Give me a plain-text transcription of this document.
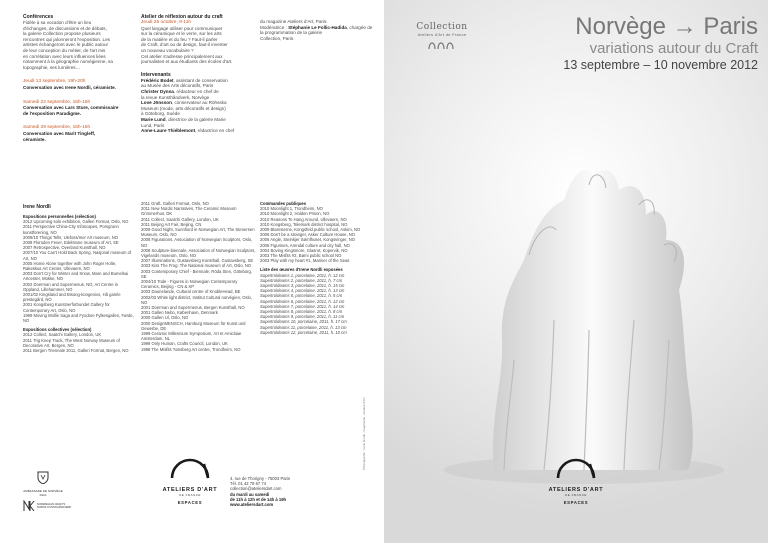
Conférences
Fidèle à sa vocation d'être un lieu
d'échanges, de discussions et de débats,
la galerie Collection propose plusieurs
rencontres qui jalonneront l'exposition. Les
artistes échangeront avec le public autour
de leur conception du métier, de l'art mis
en corrélation avec leurs influences liées
notamment à la géographie norvégienne, sa
topographie, ses lumières…
Jeudi 13 septembre, 19h-20h
Conversation avec Irene Nordli, céramiste.
Samedi 22 septembre, 15h-16h
Conversation avec Lars Sture, commissaire
de l'exposition Paradigme.
Samedi 29 septembre, 15h-16h
Conversation avec Marit Tingleff,
céramiste.
Atelier de réflexion autour du craft
Jeudi 25 octobre, 9-11h
Quel langage utiliser pour communiquer
sur la céramique et le verre, sur les arts
de la matière et du feu ? Faut-il parler
de Craft, d'art ou de design, faut-il inventer
un nouveau vocabulaire ?
Cet atelier s'adresse principalement aux
journalistes et aux étudiants des écoles d'art.
Intervenants
Frédéric Bodet, assistant de conservation
au Musée des Arts décoratifs, Paris
Christer Dynna, rédacteur en chef de
la revue Kunsthåndverk, Norvège
Love Jönsson, conservateur au Röhsska
Museum (mode, arts décoratifs et design)
à Göteborg, Suède
Marie Lund, directrice de la galerie Marie
Lund, Paris
Anne-Laure Thiéblemont, rédactrice en chef
du magazine Ateliers d'Art, Paris.
Modératrice : Stéphanie Le Follic-Hadida, chargée de la programmation de la galerie
Collection, Paris.
Irene Nordli
Expositions personnelles (sélection)
2012 Upcoming solo exhibition, Galleri Format, Oslo, NO
2011 Perspective China-City Infoscapes, Porsgrunn kunstforening, NO
2009/10 Things Tells, Ulefoss/mer Art museum, NO
2008 Floroden Fever, Edelstone museum of Art, SE
2007 Retrospective, Overland Kunsthall, NO
2007/10 You Can't Hold Back Spring, Nasjonal museum of Art, NO
2005 Home Alone together with John Roger Holte, Rakeskus Art Center, Ullevaern, NO
2003 Don't Cry for Winter and Snow, Mare and Bumelsai Artcenter, Mokke, NO
2002 Doerman and Supermenus, NO, Art Centre in Oppland, Lillehammer, NO
2001/02 Kingsland and Bisong-kongenivo, Hå gamle prestegård, NO
2001 Kongsberg Kunstnerforbundet Gallery for Contemporary Art, Oslo, NO
1999 Moving Mollie Saga and Fyodore Fylkesgallen, Førde, NO
Expositions collectives (sélection)
2012 Collect, Saatchi Gallery, London, UK
2011 Trig Keep Track, The West Norway Museum of Decorative Art, Bergen, NO
2011 Bergen Triennale 2011, Galleri Format, Bergen, NO
2011 Graft, Galleri Format, Oslo, NO
2011 New Nordic Narratives, The Ceramic Museum Grimmerhus, DK
2011 Collect, Saatchi Gallery, London, UK
2011 Beijing Art Fair, Beijing, CN
2009 Good Night, Sunnfiord in Norwegian Art, The Stenersen Museum, Oslo, NO
2008 Figurations, Association of Norwegian Sculptors, Oslo, NO
2008 Sculpture-biennale, Association of Norwegian Sculptors, Vigelands museum, Oslo, NO
2007 Illuminations, Gustavsberg Konsthall, Gustavsberg, SE
2003 Kiss The Frog: The National museum of Art, Oslo, NO
2003 Contemporary Chief - Biennale, Röda Sten, Göteborg, SE
2004/10 Tode - Figures in Norwegian Contemporary Ceramics, Beijing - CN & KP
2003 Daunelande, Cultural centre of KnobleHead, BE
2002/03 White light district, Institut Cultural norvégien, Oslo, NO
2001 Doerman and Supermenus, Bergen Kunsthall, NO
2001 Gallen Nebo, København, Denmark
2000 Gallen Ul, Oslo, NO
2000 DesignMENSCH, Hamburg Museum für Kunst und Gewerbe, DE
1999 Ceramic Millennium Symposium, Art et Amicitiae Amsterdam, NL
1999 Only Human, Crafts Council, London, UK
1998 The Misfits Tønsberg Art centre, Trondheim, NO
Commandes publiques
2010 Moonlight 1, Trondheim, NO
2010 Moonlight 2, Holden Prison, NO
2010 Reasons To Hang Around, Ullevaern, NO
2010 Kongsberg, Telemark district hospital, NO
2009 Blømsterne, Kongsfeld public school, Askim, NO
2006 Don't be a stranger, Asker Culture House, NO
2006 Angle, Steinkjer Sømfhuset, Kongsvinger, NO
2005 Figurines, Arendal culture and city hall, NO
2004 Boving Kingsmore, Glasrot, Kopervik, NO
2003 The Misfits #2, Bømi public school NO
2003 Play with my heart #1, Mariner of the Seas
Liste des œuvres d'Irene Nordli exposées
Supertroldeams 1, porcelaine, 2011, h. 12 cm
Supertroldeams 2, porcelaine, 2011, h. 7 cm
Supertroldeams 3, porcelaine, 2011, h. 15 cm
Supertroldeams 4, porcelaine, 2011, h. 13 cm
Supertroldeams 5, porcelaine, 2011, h. 5 cm
Supertroldeams 6, porcelaine, 2011, h. 12 cm
Supertroldeams 7, porcelaine, 2011, h. 14 cm
Supertroldeams 8, porcelaine, 2011, h. 8 cm
Supertroldeams 9, porcelaine, 2011, h. 11 cm
Supertroldeams 10, porcelaine, 2011, h. 17 cm
Supertroldeams 11, porcelaine, 2011, h. 13 cm
Supertroldeams 12, porcelaine, 2011, h. 10 cm
AMBASSADE DE NORVÈGE
Paris
NORWEGIAN CRAFTS
NORSK KUNSTHÅNDVERK
ATELIERS D'ART
DE FRANCE
ESPACES
4, rue de Thorigny - 75003 Paris
Tél. 01 42 78 67 74
collection@ateliersdart.com
du mardi au samedi
de 11h à 12h et de 14h à 19h
www.ateliersdart.com
Photographie : Irene Nordli - Graphisme : Ateliers d'Art
Collection
Ateliers d'Art de France	Norvège → Paris
variations autour du Craft
13 septembre – 10 novembre 2012
ATELIERS D'ART
DE FRANCE
ESPACES
